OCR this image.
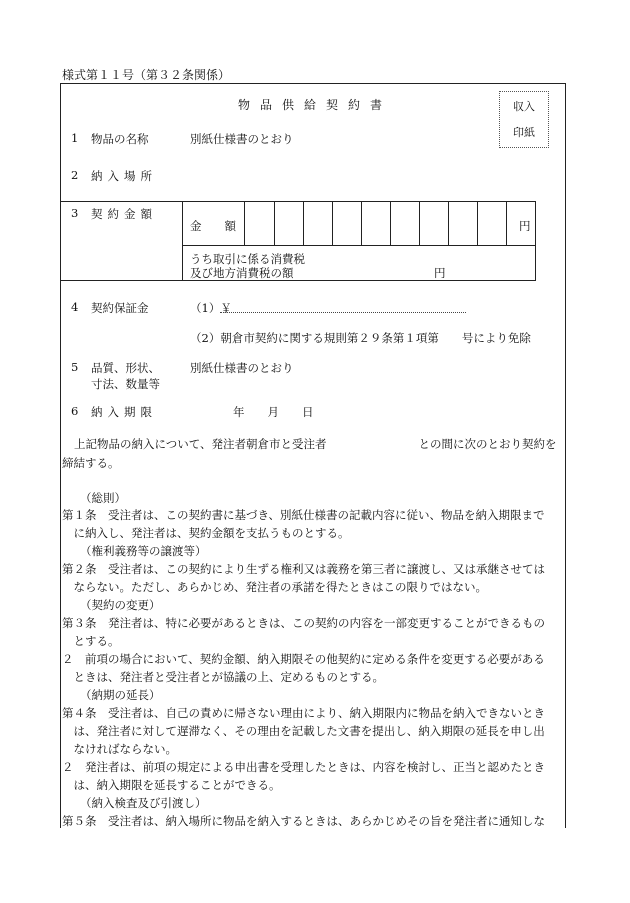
様式第１１号（第３２条関係）
物品供給契約書	収入
印紙
1 物品の名称	別紙仕様書のとおり
2 納入場所
3 契約金額
金　　額	円
うち取引に係る消費税
及び地方消費税の額	円
4 契約保証金	（1）￥
（2）朝倉市契約に関する規則第２９条第１項第　　号により免除
5 品質、形状、
寸法、数量等
別紙仕様書のとおり
6 納入期限	年　　月　　日
上記物品の納入について、発注者朝倉市と受注者　　　　　　　　との間に次のとおり契約を
締結する。
（総則）
第１条　受注者は、この契約書に基づき、別紙仕様書の記載内容に従い、物品を納入期限まで
　に納入し、発注者は、契約金額を支払うものとする。
（権利義務等の譲渡等）
第２条　受注者は、この契約により生ずる権利又は義務を第三者に譲渡し、又は承継させては
　ならない。ただし、あらかじめ、発注者の承諾を得たときはこの限りではない。
（契約の変更）
第３条　発注者は、特に必要があるときは、この契約の内容を一部変更することができるもの
　とする。
２　前項の場合において、契約金額、納入期限その他契約に定める条件を変更する必要がある
　ときは、発注者と受注者とが協議の上、定めるものとする。
（納期の延長）
第４条　受注者は、自己の責めに帰さない理由により、納入期限内に物品を納入できないとき
　は、発注者に対して遅滞なく、その理由を記載した文書を提出し、納入期限の延長を申し出
　なければならない。
２　発注者は、前項の規定による申出書を受理したときは、内容を検討し、正当と認めたとき
　は、納入期限を延長することができる。
（納入検査及び引渡し）
第５条　受注者は、納入場所に物品を納入するときは、あらかじめその旨を発注者に通知しな
